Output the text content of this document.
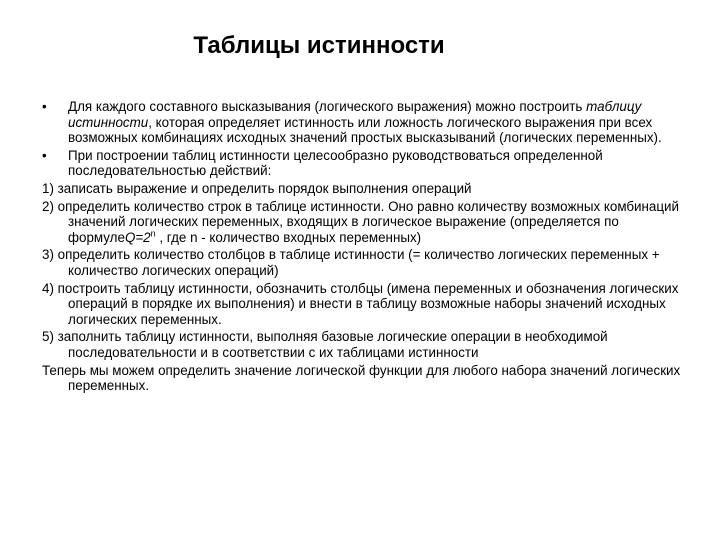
Таблицы истинности

•	Для каждого составного высказывания (логического выражения) можно построить таблицу истинности, которая определяет истинность или ложность логического выражения при всех возможных комбинациях исходных значений простых высказываний (логических переменных).

•	При построении таблиц истинности целесообразно руководствоваться определенной последовательностью действий:

1) записать выражение и определить порядок выполнения операций

2) определить количество строк в таблице истинности. Оно равно количеству возможных комбинаций значений логических переменных, входящих в логическое выражение (определяется по $формулеQ=2^n$ , где n - количество входных переменных)

3) определить количество столбцов в таблице истинности (= количество логических переменных + количество логических операций)

4) построить таблицу истинности, обозначить столбцы (имена переменных и обозначения логических операций в порядке их выполнения) и внести в таблицу возможные наборы значений исходных логических переменных.

5) заполнить таблицу истинности, выполняя базовые логические операции в необходимой последовательности и в соответствии с их таблицами истинности

Теперь мы можем определить значение логической функции для любого набора значений логических переменных.
